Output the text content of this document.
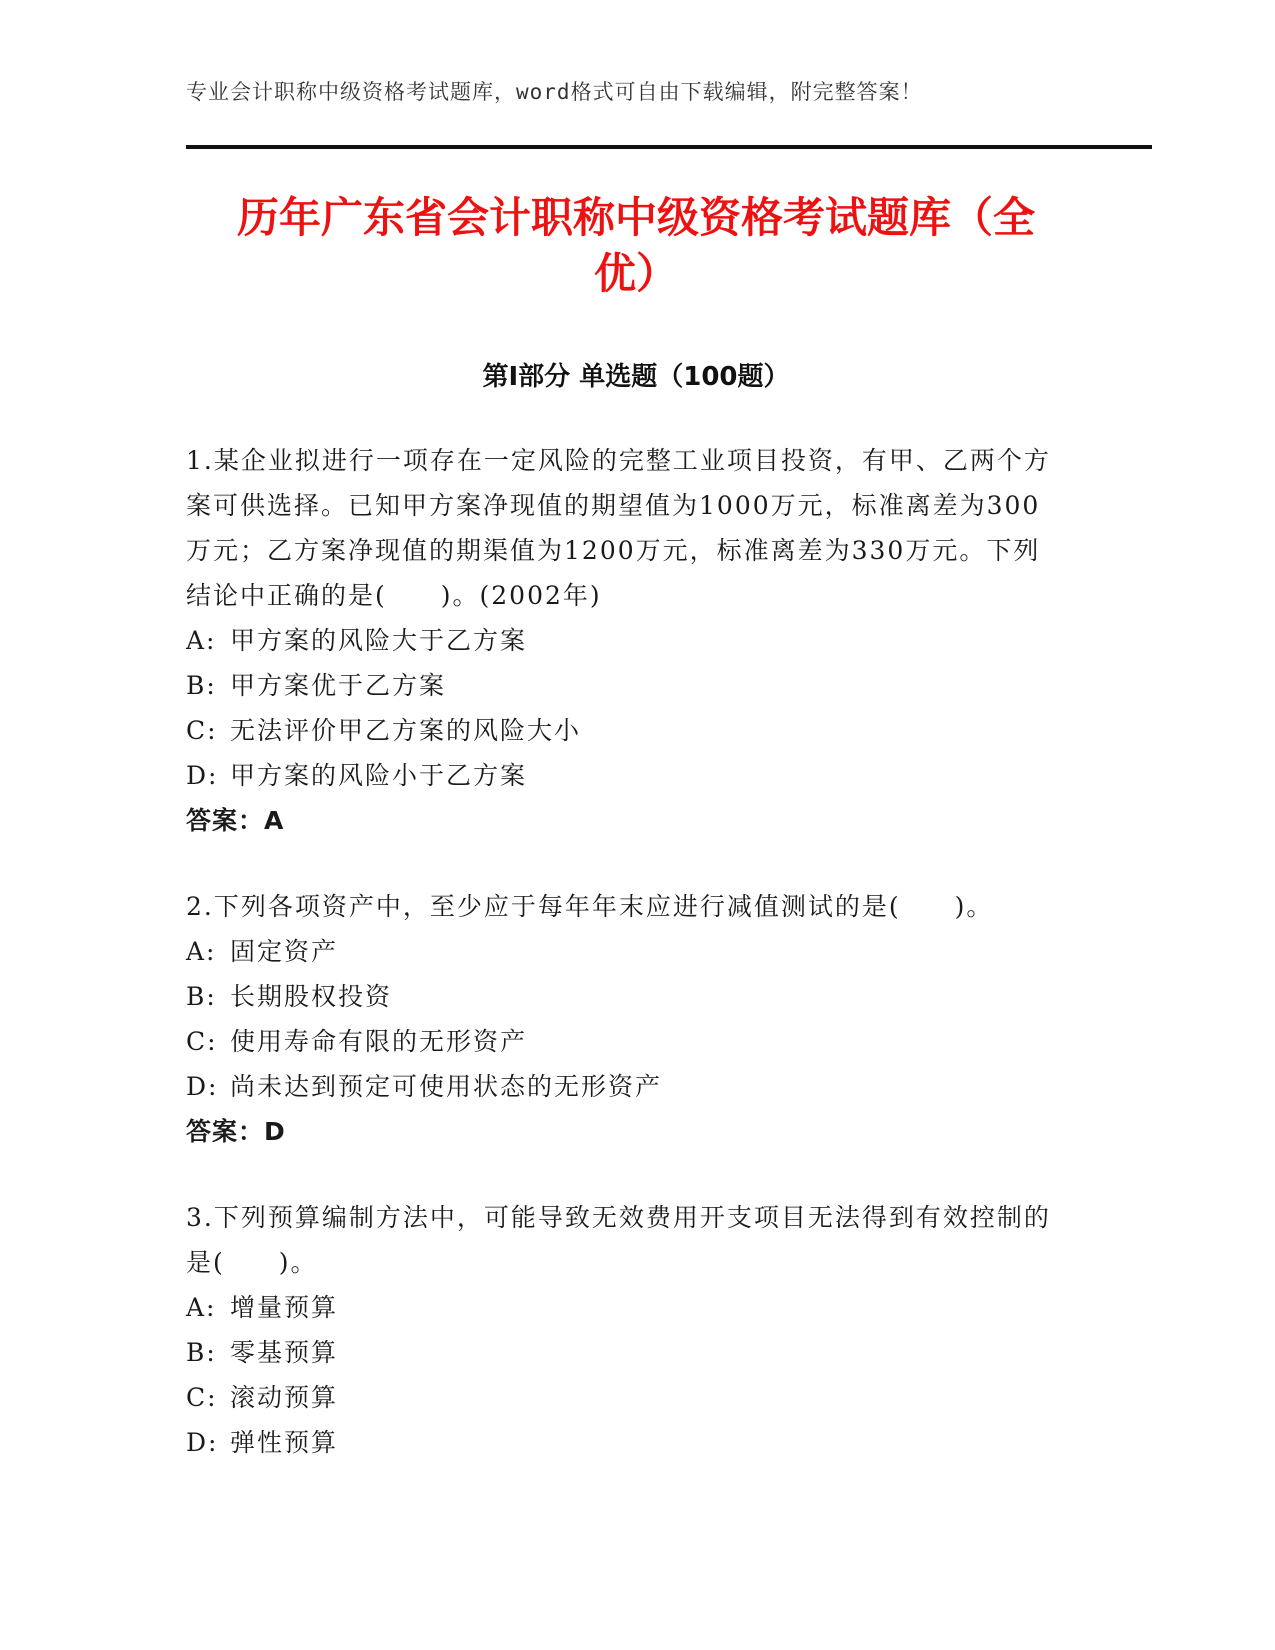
专业会计职称中级资格考试题库，word格式可自由下载编辑，附完整答案！
历年广东省会计职称中级资格考试题库（全
优）
第Ⅰ部分 单选题（100题）

1.某企业拟进行一项存在一定风险的完整工业项目投资，有甲、乙两个方案可供选择。已知甲方案净现值的期望值为1000万元，标准离差为300万元；乙方案净现值的期渠值为1200万元，标准离差为330万元。下列结论中正确的是(　　)。(2002年)

A: 甲方案的风险大于乙方案

B: 甲方案优于乙方案

C: 无法评价甲乙方案的风险大小

D: 甲方案的风险小于乙方案

答案：A

2.下列各项资产中，至少应于每年年末应进行减值测试的是(　　)。

A: 固定资产

B: 长期股权投资

C: 使用寿命有限的无形资产

D: 尚未达到预定可使用状态的无形资产

答案：D

3.下列预算编制方法中，可能导致无效费用开支项目无法得到有效控制的是(　　)。

A: 增量预算

B: 零基预算

C: 滚动预算

D: 弹性预算
